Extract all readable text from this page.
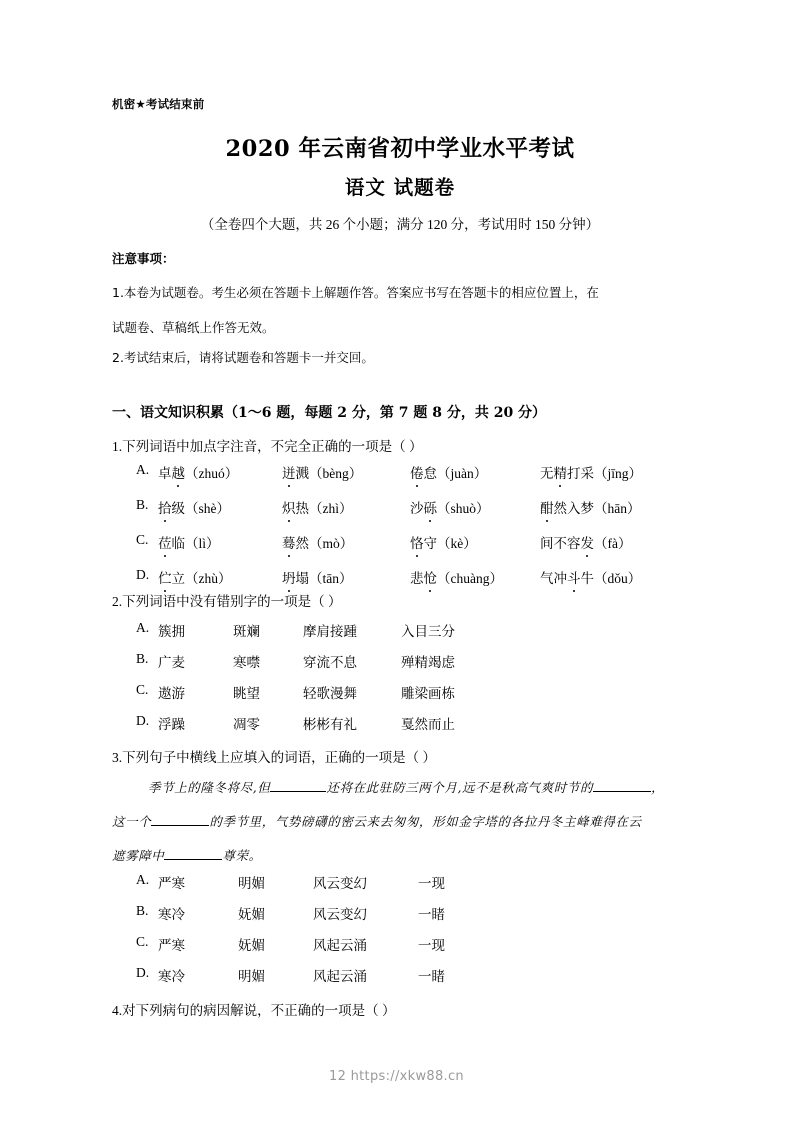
机密★考试结束前
2020 年云南省初中学业水平考试
语文 试题卷
（全卷四个大题，共 26 个小题；满分 120 分，考试用时 150 分钟）
注意事项：
1.本卷为试题卷。考生必须在答题卡上解题作答。答案应书写在答题卡的相应位置上，在
试题卷、草稿纸上作答无效。
2.考试结束后，请将试题卷和答题卡一并交回。
一、语文知识积累（1～6 题，每题 2 分，第 7 题 8 分，共 20 分）
1.下列词语中加点字注音，不完全正确的一项是（ ）
A. 卓越（zhuó）	迸溅（bèng）	倦怠（juàn）	无精打采（jīng）
B. 拾级（shè）	炽热（zhì）	沙砾（shuò）	酣然入梦（hān）
C. 莅临（lì）	蓦然（mò）	恪守（kè）	间不容发（fà）
D. 伫立（zhù）	坍塌（tān）	悲怆（chuàng）	气冲斗牛（dǒu）
2.下列词语中没有错别字的一项是（ ）
A. 簇拥	斑斓	摩肩接踵	入目三分
B. 广麦	寒噤	穿流不息	殚精竭虑
C. 遨游	眺望	轻歌漫舞	雕梁画栋
D. 浮躁	凋零	彬彬有礼	戛然而止
3.下列句子中横线上应填入的词语，正确的一项是（ ）
季节上的隆冬将尽,但	还将在此驻防三两个月,远不是秋高气爽时节的	，
这一个	的季节里，气势磅礴的密云来去匆匆，形如金字塔的各拉丹冬主峰难得在云
遮雾障中	尊荣。
A. 严寒	明媚	风云变幻	一现
B. 寒冷	妩媚	风云变幻	一睹
C. 严寒	妩媚	风起云涌	一现
D. 寒冷	明媚	风起云涌	一睹
4.对下列病句的病因解说，不正确的一项是（ ）
12 https://xkw88.cn
